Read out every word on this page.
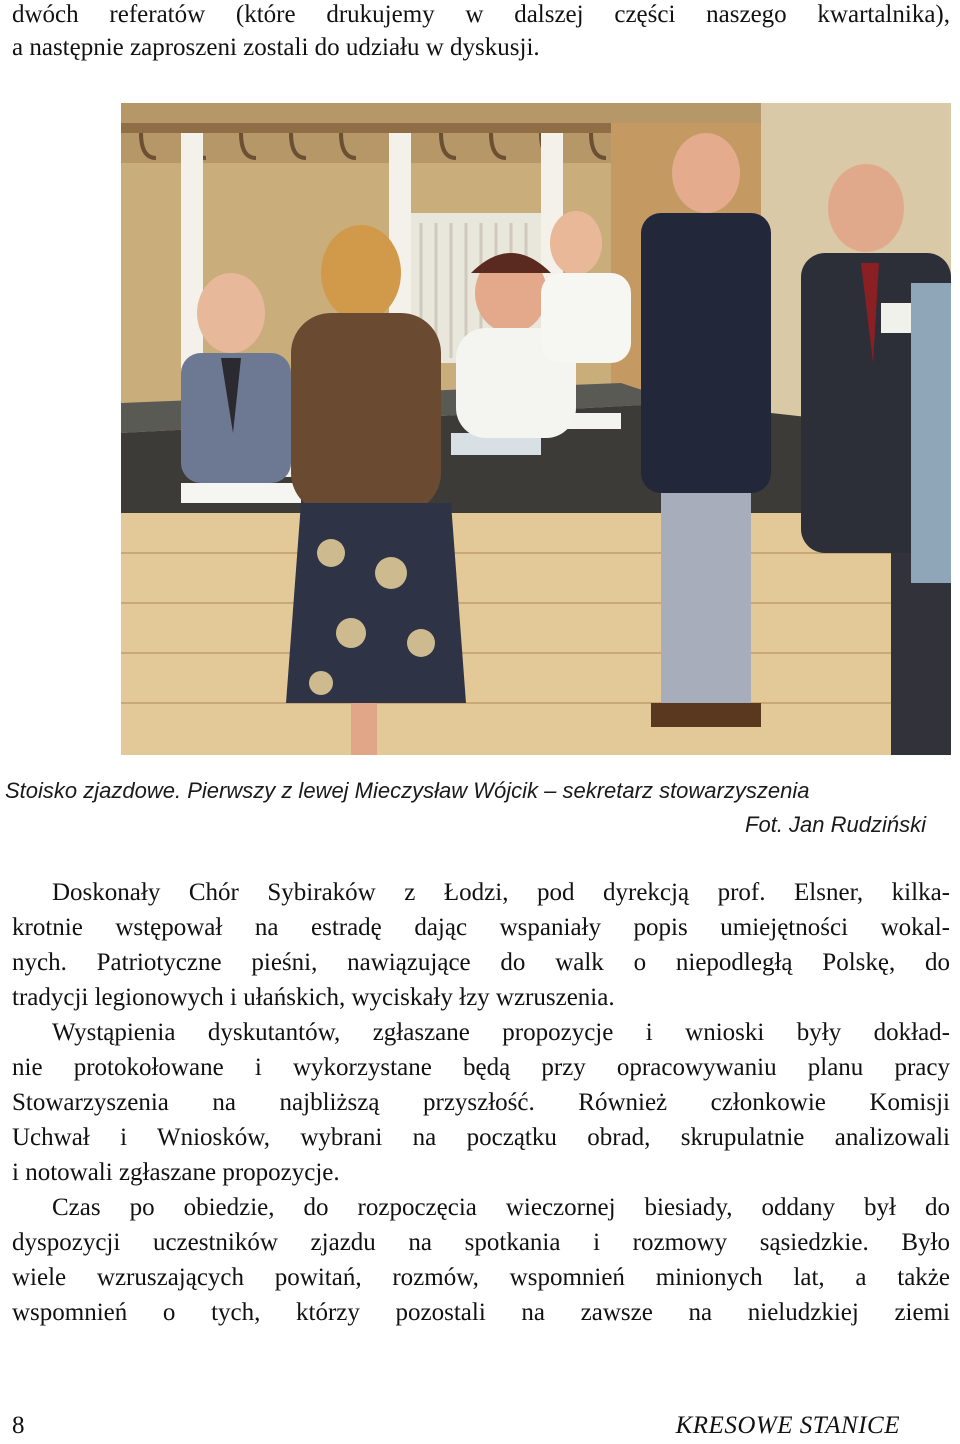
dwóch referatów (które drukujemy w dalszej części naszego kwartalnika),
a następnie zaproszeni zostali do udziału w dyskusji.
Stoisko zjazdowe. Pierwszy z lewej Mieczysław Wójcik – sekretarz stowarzyszenia
Fot. Jan Rudziński
Doskonały Chór Sybiraków z Łodzi, pod dyrekcją prof. Elsner, kilka-
krotnie wstępował na estradę dając wspaniały popis umiejętności wokal-
nych. Patriotyczne pieśni, nawiązujące do walk o niepodległą Polskę, do
tradycji legionowych i ułańskich, wyciskały łzy wzruszenia.
Wystąpienia dyskutantów, zgłaszane propozycje i wnioski były dokład-
nie protokołowane i wykorzystane będą przy opracowywaniu planu pracy
Stowarzyszenia na najbliższą przyszłość. Również członkowie Komisji
Uchwał i Wniosków, wybrani na początku obrad, skrupulatnie analizowali
i notowali zgłaszane propozycje.
Czas po obiedzie, do rozpoczęcia wieczornej biesiady, oddany był do
dyspozycji uczestników zjazdu na spotkania i rozmowy sąsiedzkie. Było
wiele wzruszających powitań, rozmów, wspomnień minionych lat, a także
wspomnień o tych, którzy pozostali na zawsze na nieludzkiej ziemi
8	KRESOWE STANICE
